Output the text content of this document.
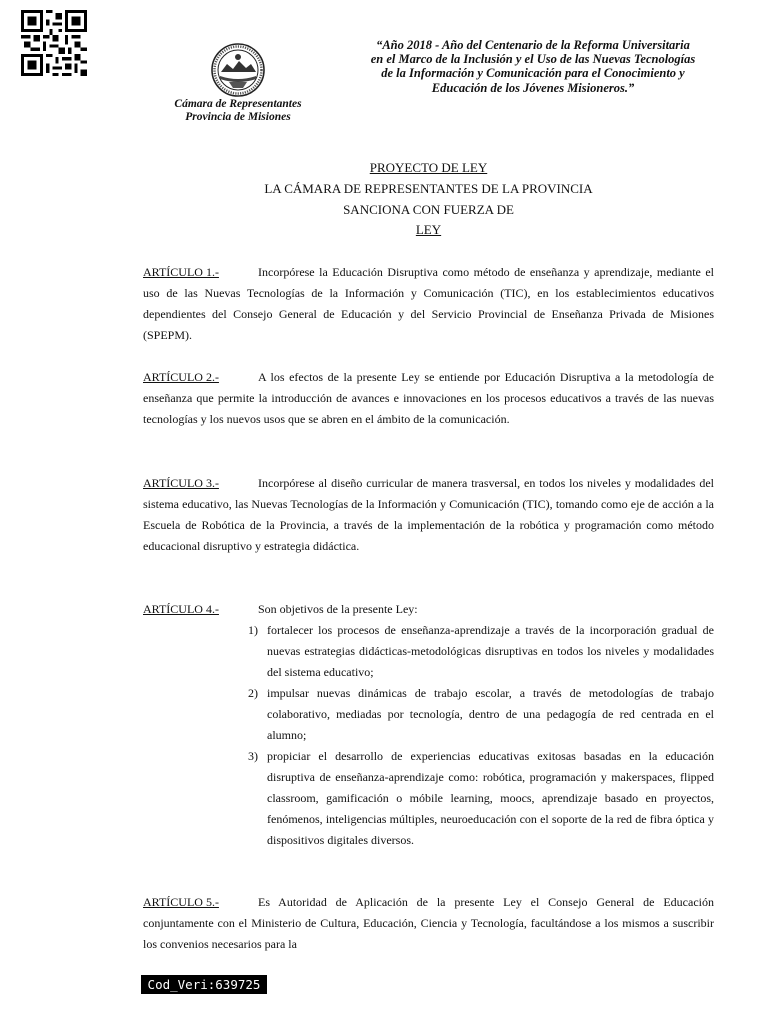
Cámara de Representantes
Provincia de Misiones
“Año 2018 - Año del Centenario de la Reforma Universitaria en el Marco de la Inclusión y el Uso de las Nuevas Tecnologías de la Información y Comunicación para el Conocimiento y Educación de los Jóvenes Misioneros.”
PROYECTO DE LEY
LA CÁMARA DE REPRESENTANTES DE LA PROVINCIA
SANCIONA CON FUERZA DE
LEY
ARTÍCULO 1.-	Incorpórese la Educación Disruptiva como método de enseñanza y aprendizaje, mediante el uso de las Nuevas Tecnologías de la Información y Comunicación (TIC), en los establecimientos educativos dependientes del Consejo General de Educación y del Servicio Provincial de Enseñanza Privada de Misiones (SPEPM).

ARTÍCULO 2.-	A los efectos de la presente Ley se entiende por Educación Disruptiva a la metodología de enseñanza que permite la introducción de avances e innovaciones en los procesos educativos a través de las nuevas tecnologías y los nuevos usos que se abren en el ámbito de la comunicación.

ARTÍCULO 3.-	Incorpórese al diseño curricular de manera trasversal, en todos los niveles y modalidades del sistema educativo, las Nuevas Tecnologías de la Información y Comunicación (TIC), tomando como eje de acción a la Escuela de Robótica de la Provincia, a través de la implementación de la robótica y programación como método educacional disruptivo y estrategia didáctica.

ARTÍCULO 4.-	Son objetivos de la presente Ley:

1) fortalecer los procesos de enseñanza-aprendizaje a través de la incorporación gradual de nuevas estrategias didácticas-metodológicas disruptivas en todos los niveles y modalidades del sistema educativo;
2) impulsar nuevas dinámicas de trabajo escolar, a través de metodologías de trabajo colaborativo, mediadas por tecnología, dentro de una pedagogía de red centrada en el alumno;
3) propiciar el desarrollo de experiencias educativas exitosas basadas en la educación disruptiva de enseñanza-aprendizaje como: robótica, programación y makerspaces, flipped classroom, gamificación o móbile learning, moocs, aprendizaje basado en proyectos, fenómenos, inteligencias múltiples, neuroeducación con el soporte de la red de fibra óptica y dispositivos digitales diversos.
ARTÍCULO 5.-	Es Autoridad de Aplicación de la presente Ley el Consejo General de Educación conjuntamente con el Ministerio de Cultura, Educación, Ciencia y Tecnología, facultándose a los mismos a suscribir los convenios necesarios para la

Cod_Veri:639725
